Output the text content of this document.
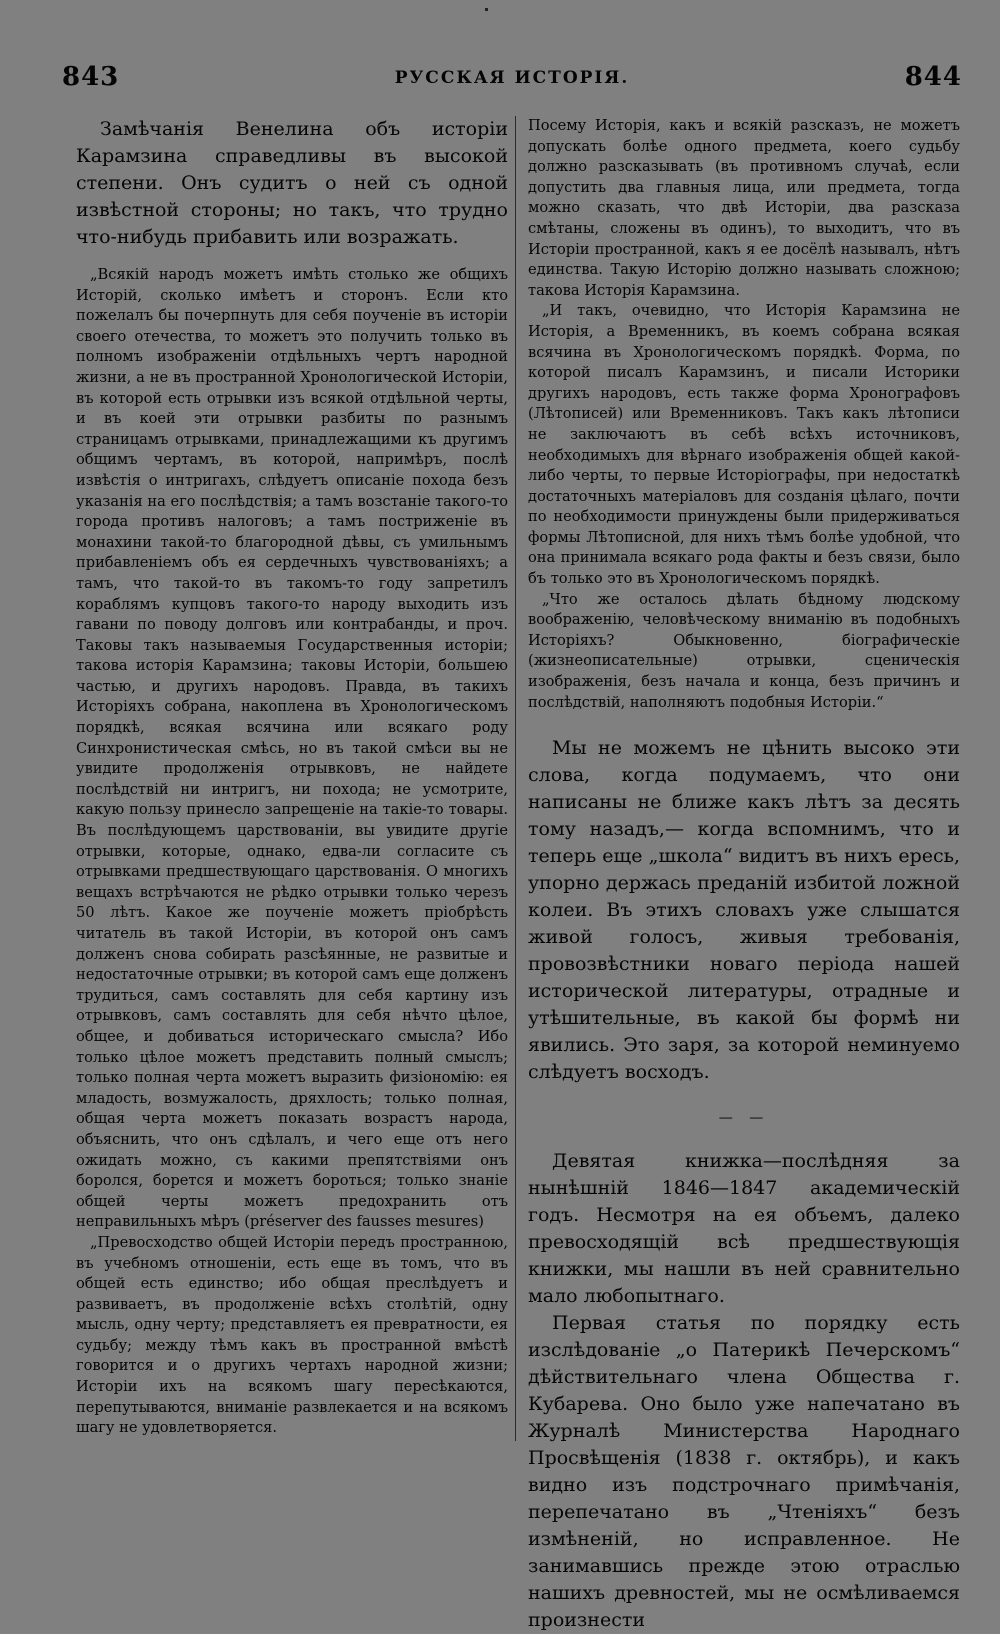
843	РУССКАЯ ИСТОРІЯ.	844

Замѣчанія Венелина объ исторіи Карамзина справедливы въ высокой степени. Онъ судитъ о ней съ одной извѣстной стороны; но такъ, что трудно что-нибудь прибавить или возражать.

„Всякій народъ можетъ имѣть столько же общихъ Исторій, сколько имѣетъ и сторонъ. Если кто пожелалъ бы почерпнуть для себя поученіе въ исторіи своего отечества, то можетъ это получить только въ полномъ изображеніи отдѣльныхъ чертъ народной жизни, а не въ пространной Хронологической Исторіи, въ которой есть отрывки изъ всякой отдѣльной черты, и въ коей эти отрывки разбиты по разнымъ страницамъ отрывками, принадлежащими къ другимъ общимъ чертамъ, въ которой, напримѣръ, послѣ извѣстія о интригахъ, слѣдуетъ описаніе похода безъ указанія на его послѣдствія; а тамъ возстаніе такого-то города противъ налоговъ; а тамъ постриженіе въ монахини такой-то благородной дѣвы, съ умильнымъ прибавленіемъ объ ея сердечныхъ чувствованіяхъ; а тамъ, что такой-то въ такомъ-то году запретилъ кораблямъ купцовъ такого-то народу выходить изъ гавани по поводу долговъ или контрабанды, и проч. Таковы такъ называемыя Государственныя исторіи; такова исторія Карамзина; таковы Исторіи, большею частью, и другихъ народовъ. Правда, въ такихъ Исторіяхъ собрана, накоплена въ Хронологическомъ порядкѣ, всякая всячина или всякаго роду Синхронистическая смѣсь, но въ такой смѣси вы не увидите продолженія отрывковъ, не найдете послѣдствій ни интригъ, ни похода; не усмотрите, какую пользу принесло запрещеніе на такіе-то товары. Въ послѣдующемъ царствованіи, вы увидите другіе отрывки, которые, однако, едва-ли согласите съ отрывками предшествующаго царствованія. О многихъ вещахъ встрѣчаются не рѣдко отрывки только черезъ 50 лѣтъ. Какое же поученіе можетъ пріобрѣсть читатель въ такой Исторіи, въ которой онъ самъ долженъ снова собирать разсѣянные, не развитые и недостаточные отрывки; въ которой самъ еще долженъ трудиться, самъ составлять для себя картину изъ отрывковъ, самъ составлять для себя нѣчто цѣлое, общее, и добиваться историческаго смысла? Ибо только цѣлое можетъ представить полный смыслъ; только полная черта можетъ выразить физіономію: ея младость, возмужалость, дряхлость; только полная, общая черта можетъ показать возрастъ народа, объяснить, что онъ сдѣлалъ, и чего еще отъ него ожидать можно, съ какими препятствіями онъ боролся, борется и можетъ бороться; только знаніе общей черты можетъ предохранить отъ неправильныхъ мѣръ (préserver des fausses mesures)

„Превосходство общей Исторіи передъ пространною, въ учебномъ отношеніи, есть еще въ томъ, что въ общей есть единство; ибо общая преслѣдуетъ и развиваетъ, въ продолженіе всѣхъ столѣтій, одну мысль, одну черту; представляетъ ея превратности, ея судьбу; между тѣмъ какъ въ пространной вмѣстѣ говорится и о другихъ чертахъ народной жизни; Исторіи ихъ на всякомъ шагу пересѣкаются, перепутываются, вниманіе развлекается и на всякомъ шагу не удовлетворяется.

Посему Исторія, какъ и всякій разсказъ, не можетъ допускать болѣе одного предмета, коего судьбу должно разсказывать (въ противномъ случаѣ, если допустить два главныя лица, или предмета, тогда можно сказать, что двѣ Исторіи, два разсказа смѣтаны, сложены въ одинъ), то выходитъ, что въ Исторіи пространной, какъ я ее досёлѣ называлъ, нѣтъ единства. Такую Исторію должно называть сложною; такова Исторія Карамзина.

„И такъ, очевидно, что Исторія Карамзина не Исторія, а Временникъ, въ коемъ собрана всякая всячина въ Хронологическомъ порядкѣ. Форма, по которой писалъ Карамзинъ, и писали Историки другихъ народовъ, есть также форма Хронографовъ (Лѣтописей) или Временниковъ. Такъ какъ лѣтописи не заключаютъ въ себѣ всѣхъ источниковъ, необходимыхъ для вѣрнаго изображенія общей какой-либо черты, то первые Исторіографы, при недостаткѣ достаточныхъ матеріаловъ для созданія цѣлаго, почти по необходимости принуждены были придерживаться формы Лѣтописной, для нихъ тѣмъ болѣе удобной, что она принимала всякаго рода факты и безъ связи, было бъ только это въ Хронологическомъ порядкѣ.

„Что же осталось дѣлать бѣдному людскому воображенію, человѣческому вниманію въ подобныхъ Исторіяхъ? Обыкновенно, біографическіе (жизнеописательные) отрывки, сценическія изображенія, безъ начала и конца, безъ причинъ и послѣдствій, наполняютъ подобныя Исторіи.“

Мы не можемъ не цѣнить высоко эти слова, когда подумаемъ, что они написаны не ближе какъ лѣтъ за десять тому назадъ,— когда вспомнимъ, что и теперь еще „школа“ видитъ въ нихъ ересь, упорно держась преданій избитой ложной колеи. Въ этихъ словахъ уже слышатся живой голосъ, живыя требованія, провозвѣстники новаго періода нашей исторической литературы, отрадные и утѣшительные, въ какой бы формѣ ни явились. Это заря, за которой неминуемо слѣдуетъ восходъ.

— —

Девятая книжка—послѣдняя за нынѣшній 1846—1847 академическій годъ. Несмотря на ея объемъ, далеко превосходящій всѣ предшествующія книжки, мы нашли въ ней сравнительно мало любопытнаго.

Первая статья по порядку есть изслѣдованіе „о Патерикѣ Печерскомъ“ дѣйствительнаго члена Общества г. Кубарева. Оно было уже напечатано въ Журналѣ Министерства Народнаго Просвѣщенія (1838 г. октябрь), и какъ видно изъ подстрочнаго примѣчанія, перепечатано въ „Чтеніяхъ“ безъ измѣненій, но исправленное. Не занимавшись прежде этою отраслью нашихъ древностей, мы не осмѣливаемся произнести
